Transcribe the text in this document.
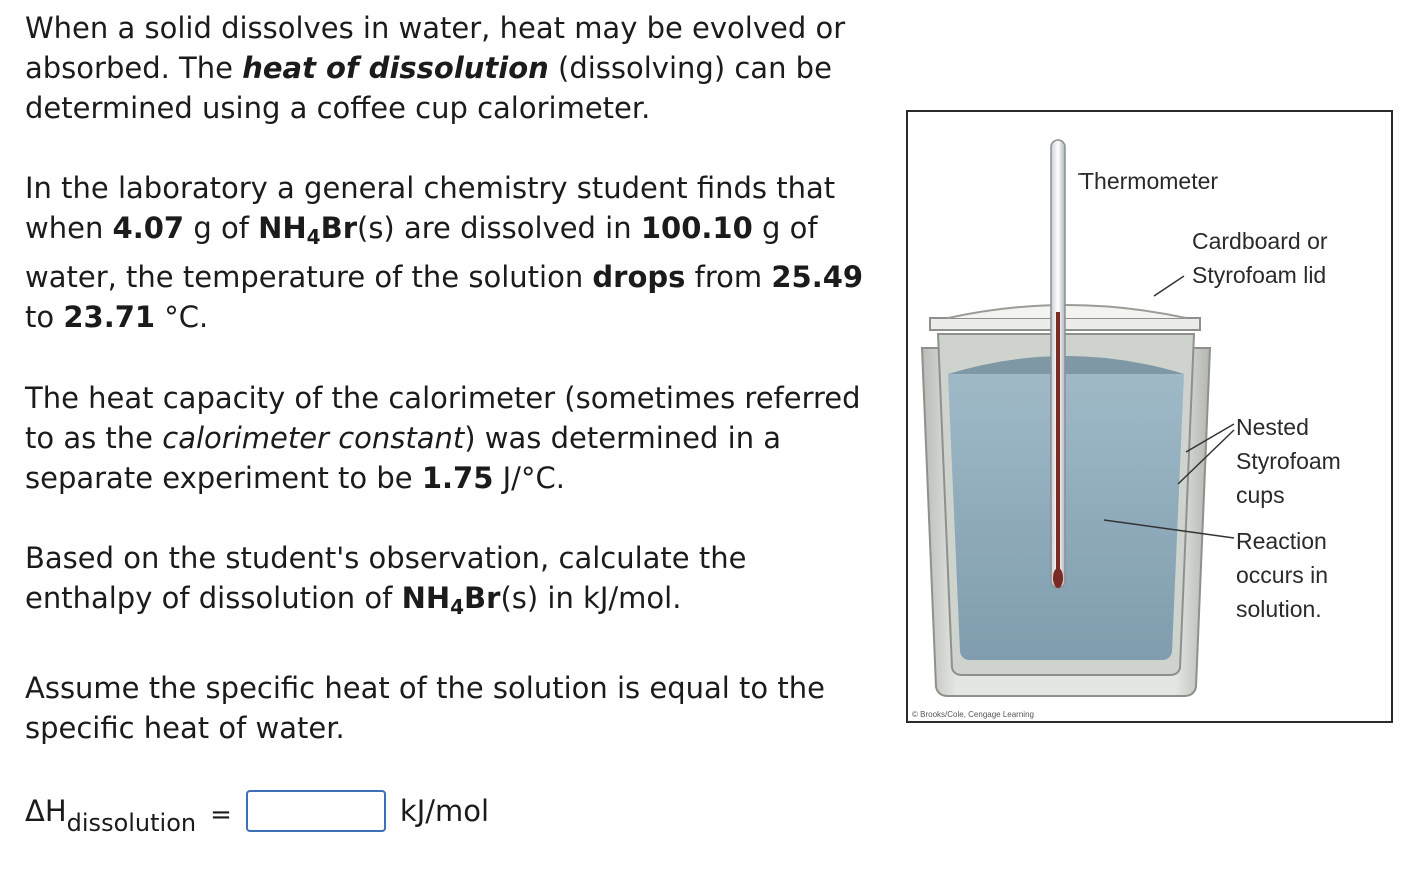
When a solid dissolves in water, heat may be evolved or
absorbed. The heat of dissolution (dissolving) can be
determined using a coffee cup calorimeter.
In the laboratory a general chemistry student finds that
when 4.07 g of $NH_4Br(s)$ are dissolved in 100.10 g of
water, the temperature of the solution drops from 25.49
to 23.71 °C.
The heat capacity of the calorimeter (sometimes referred
to as the calorimeter constant) was determined in a
separate experiment to be 1.75 J/°C.
Based on the student's observation, calculate the
enthalpy of dissolution of $NH_4Br(s)$ in kJ/mol.
Assume the specific heat of the solution is equal to the
specific heat of water.
$\Delta H_{dissolution}$ =	kJ/mol
Thermometer
Cardboard or
Styrofoam lid
Nested
Styrofoam cups
Reaction
occurs in
solution.
© Brooks/Cole, Cengage Learning
